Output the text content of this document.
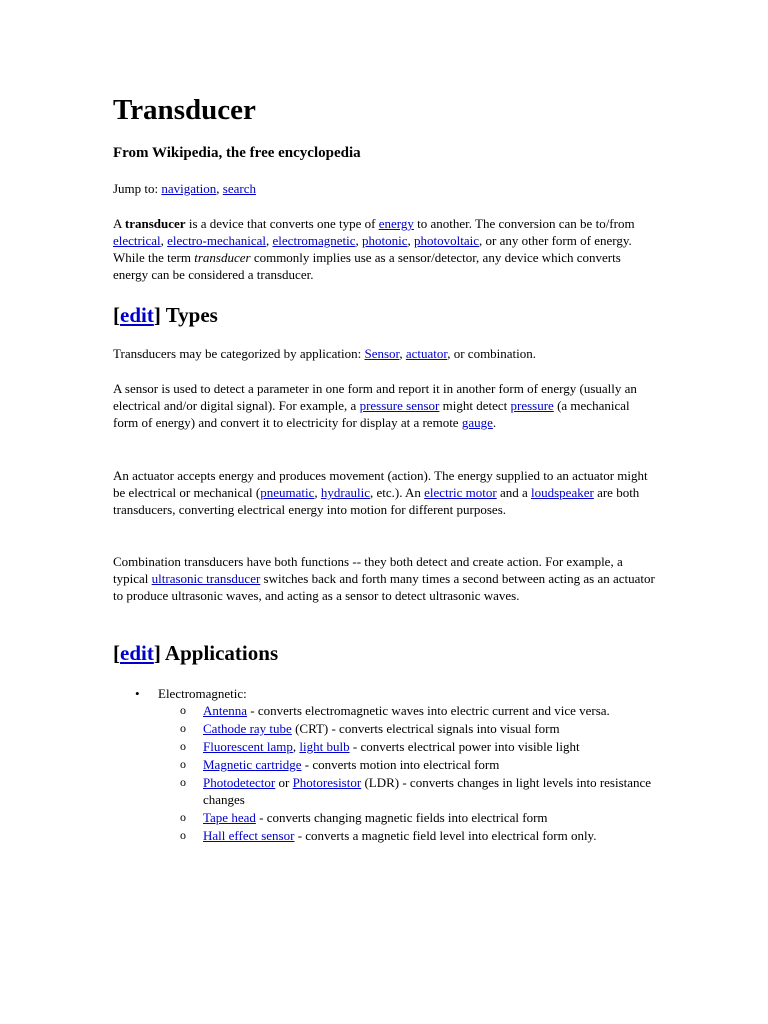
Transducer
From Wikipedia, the free encyclopedia
Jump to: navigation, search

A transducer is a device that converts one type of energy to another. The conversion can be to/from electrical, electro-mechanical, electromagnetic, photonic, photovoltaic, or any other form of energy. While the term transducer commonly implies use as a sensor/detector, any device which converts energy can be considered a transducer.

[edit] Types

Transducers may be categorized by application: Sensor, actuator, or combination.

A sensor is used to detect a parameter in one form and report it in another form of energy (usually an electrical and/or digital signal). For example, a pressure sensor might detect pressure (a mechanical form of energy) and convert it to electricity for display at a remote gauge.

An actuator accepts energy and produces movement (action). The energy supplied to an actuator might be electrical or mechanical (pneumatic, hydraulic, etc.). An electric motor and a loudspeaker are both transducers, converting electrical energy into motion for different purposes.

Combination transducers have both functions -- they both detect and create action. For example, a typical ultrasonic transducer switches back and forth many times a second between acting as an actuator to produce ultrasonic waves, and acting as a sensor to detect ultrasonic waves.

[edit] Applications
• Electromagnetic:
o Antenna - converts electromagnetic waves into electric current and vice versa.
o Cathode ray tube (CRT) - converts electrical signals into visual form
o Fluorescent lamp, light bulb - converts electrical power into visible light
o Magnetic cartridge - converts motion into electrical form
o Photodetector or Photoresistor (LDR) - converts changes in light levels into resistance changes
o Tape head - converts changing magnetic fields into electrical form
o Hall effect sensor - converts a magnetic field level into electrical form only.
